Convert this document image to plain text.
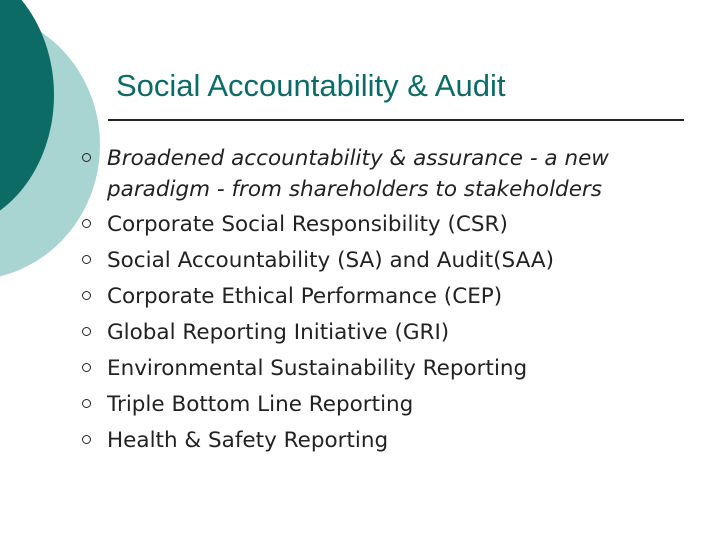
Social Accountability & Audit
Broadened accountability & assurance - a new paradigm - from shareholders to stakeholders
Corporate Social Responsibility (CSR)
Social Accountability (SA) and Audit(SAA)
Corporate Ethical Performance (CEP)
Global Reporting Initiative (GRI)
Environmental Sustainability Reporting
Triple Bottom Line Reporting
Health & Safety Reporting
